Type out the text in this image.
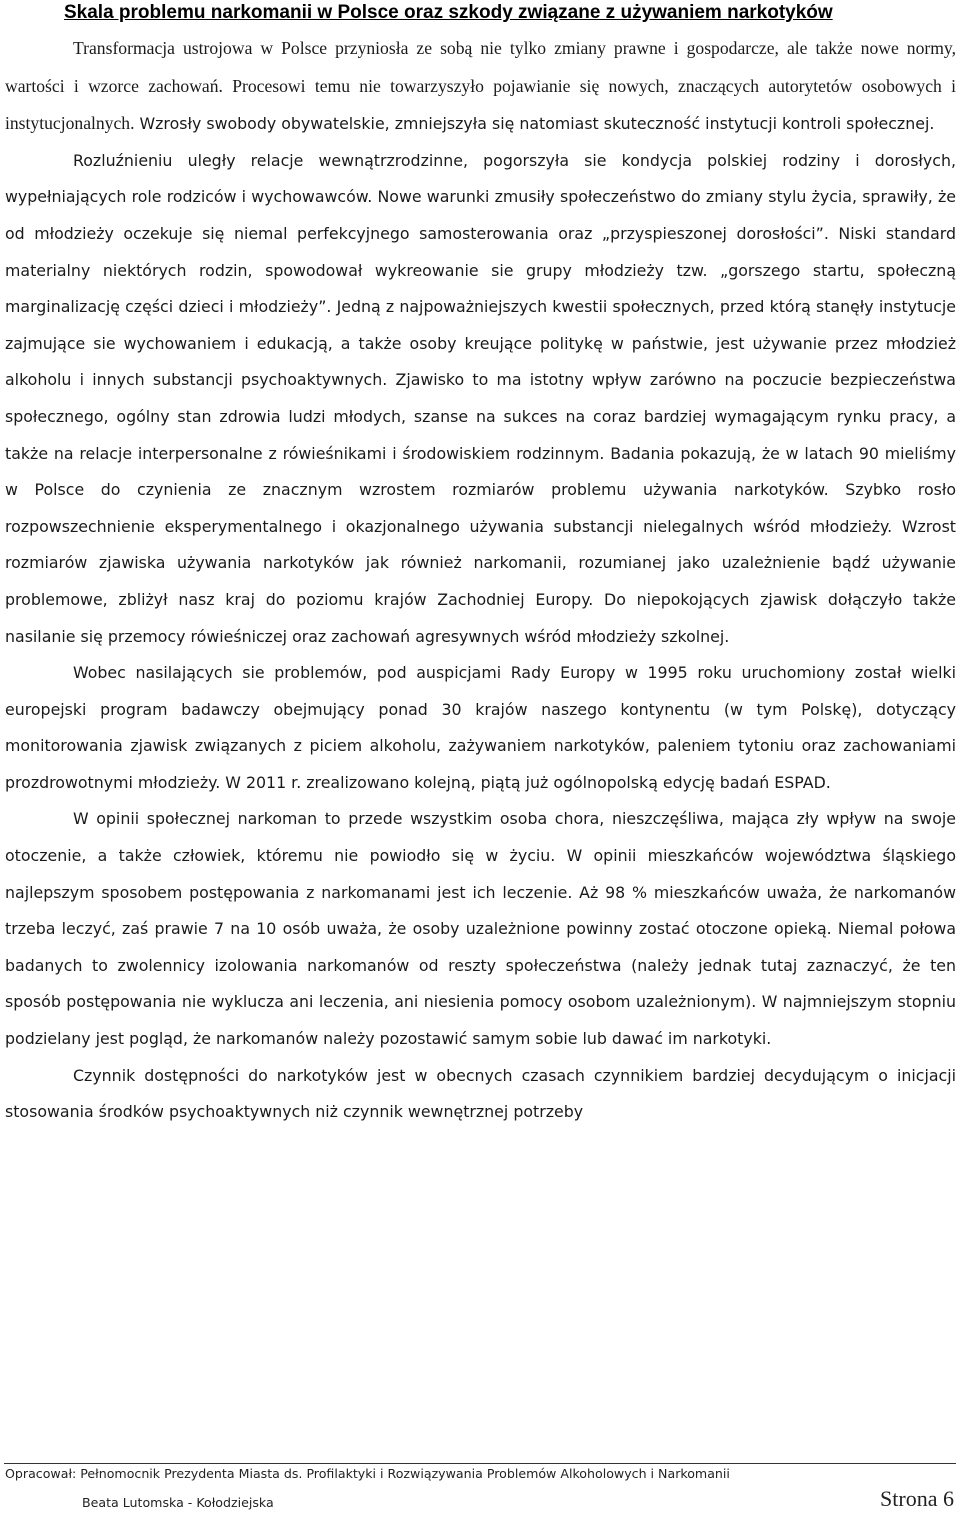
Skala problemu narkomanii w Polsce oraz szkody związane z używaniem narkotyków

Transformacja ustrojowa w Polsce przyniosła ze sobą nie tylko zmiany prawne i gospodarcze, ale także nowe normy, wartości i wzorce zachowań. Procesowi temu nie towarzyszyło pojawianie się nowych, znaczących autorytetów osobowych i instytucjonalnych. Wzrosły swobody obywatelskie, zmniejszyła się natomiast skuteczność instytucji kontroli społecznej.

Rozluźnieniu uległy relacje wewnątrzrodzinne, pogorszyła sie kondycja polskiej rodziny i dorosłych, wypełniających role rodziców i wychowawców. Nowe warunki zmusiły społeczeństwo do zmiany stylu życia, sprawiły, że od młodzieży oczekuje się niemal perfekcyjnego samosterowania oraz „przyspieszonej dorosłości”. Niski standard materialny niektórych rodzin, spowodował wykreowanie sie grupy młodzieży tzw. „gorszego startu, społeczną marginalizację części dzieci i młodzieży”. Jedną z najpoważniejszych kwestii społecznych, przed którą stanęły instytucje zajmujące sie wychowaniem i edukacją, a także osoby kreujące politykę w państwie, jest używanie przez młodzież alkoholu i innych substancji psychoaktywnych. Zjawisko to ma istotny wpływ zarówno na poczucie bezpieczeństwa społecznego, ogólny stan zdrowia ludzi młodych, szanse na sukces na coraz bardziej wymagającym rynku pracy, a także na relacje interpersonalne z rówieśnikami i środowiskiem rodzinnym. Badania pokazują, że w latach 90 mieliśmy w Polsce do czynienia ze znacznym wzrostem rozmiarów problemu używania narkotyków. Szybko rosło rozpowszechnienie eksperymentalnego i okazjonalnego używania substancji nielegalnych wśród młodzieży. Wzrost rozmiarów zjawiska używania narkotyków jak również narkomanii, rozumianej jako uzależnienie bądź używanie problemowe, zbliżył nasz kraj do poziomu krajów Zachodniej Europy. Do niepokojących zjawisk dołączyło także nasilanie się przemocy rówieśniczej oraz zachowań agresywnych wśród młodzieży szkolnej.

Wobec nasilających sie problemów, pod auspicjami Rady Europy w 1995 roku uruchomiony został wielki europejski program badawczy obejmujący ponad 30 krajów naszego kontynentu (w tym Polskę), dotyczący monitorowania zjawisk związanych z piciem alkoholu, zażywaniem narkotyków, paleniem tytoniu oraz zachowaniami prozdrowotnymi młodzieży. W 2011 r. zrealizowano kolejną, piątą już ogólnopolską edycję badań ESPAD.

W opinii społecznej narkoman to przede wszystkim osoba chora, nieszczęśliwa, mająca zły wpływ na swoje otoczenie, a także człowiek, któremu nie powiodło się w życiu. W opinii mieszkańców województwa śląskiego najlepszym sposobem postępowania z narkomanami jest ich leczenie. Aż 98 % mieszkańców uważa, że narkomanów trzeba leczyć, zaś prawie 7 na 10 osób uważa, że osoby uzależnione powinny zostać otoczone opieką. Niemal połowa badanych to zwolennicy izolowania narkomanów od reszty społeczeństwa (należy jednak tutaj zaznaczyć, że ten sposób postępowania nie wyklucza ani leczenia, ani niesienia pomocy osobom uzależnionym). W najmniejszym stopniu podzielany jest pogląd, że narkomanów należy pozostawić samym sobie lub dawać im narkotyki.

Czynnik dostępności do narkotyków jest w obecnych czasach czynnikiem bardziej decydującym o inicjacji stosowania środków psychoaktywnych niż czynnik wewnętrznej potrzeby

Opracował: Pełnomocnik Prezydenta Miasta ds. Profilaktyki i Rozwiązywania Problemów Alkoholowych i Narkomanii
Beata Lutomska - Kołodziejska	Strona 6
